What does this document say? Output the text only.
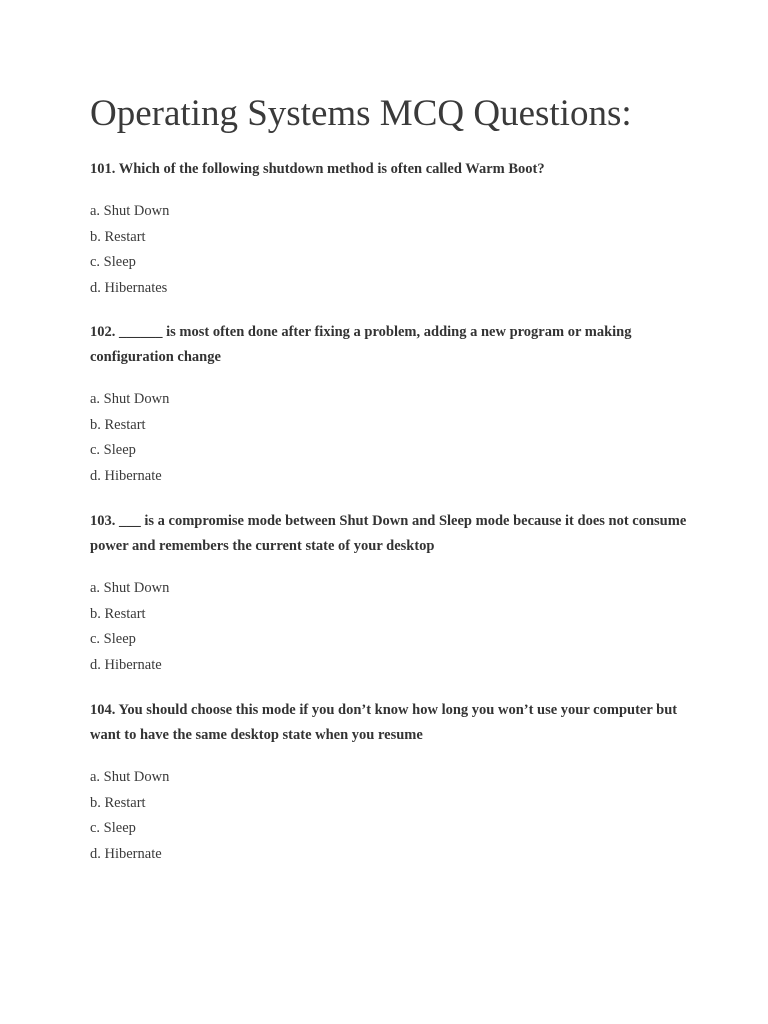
Operating Systems MCQ Questions:

101. Which of the following shutdown method is often called Warm Boot?

a. Shut Down
b. Restart
c. Sleep
d. Hibernates

102. ______ is most often done after fixing a problem, adding a new program or making configuration change

a. Shut Down
b. Restart
c. Sleep
d. Hibernate

103. ___ is a compromise mode between Shut Down and Sleep mode because it does not consume power and remembers the current state of your desktop

a. Shut Down
b. Restart
c. Sleep
d. Hibernate

104. You should choose this mode if you don’t know how long you won’t use your computer but want to have the same desktop state when you resume

a. Shut Down
b. Restart
c. Sleep
d. Hibernate
